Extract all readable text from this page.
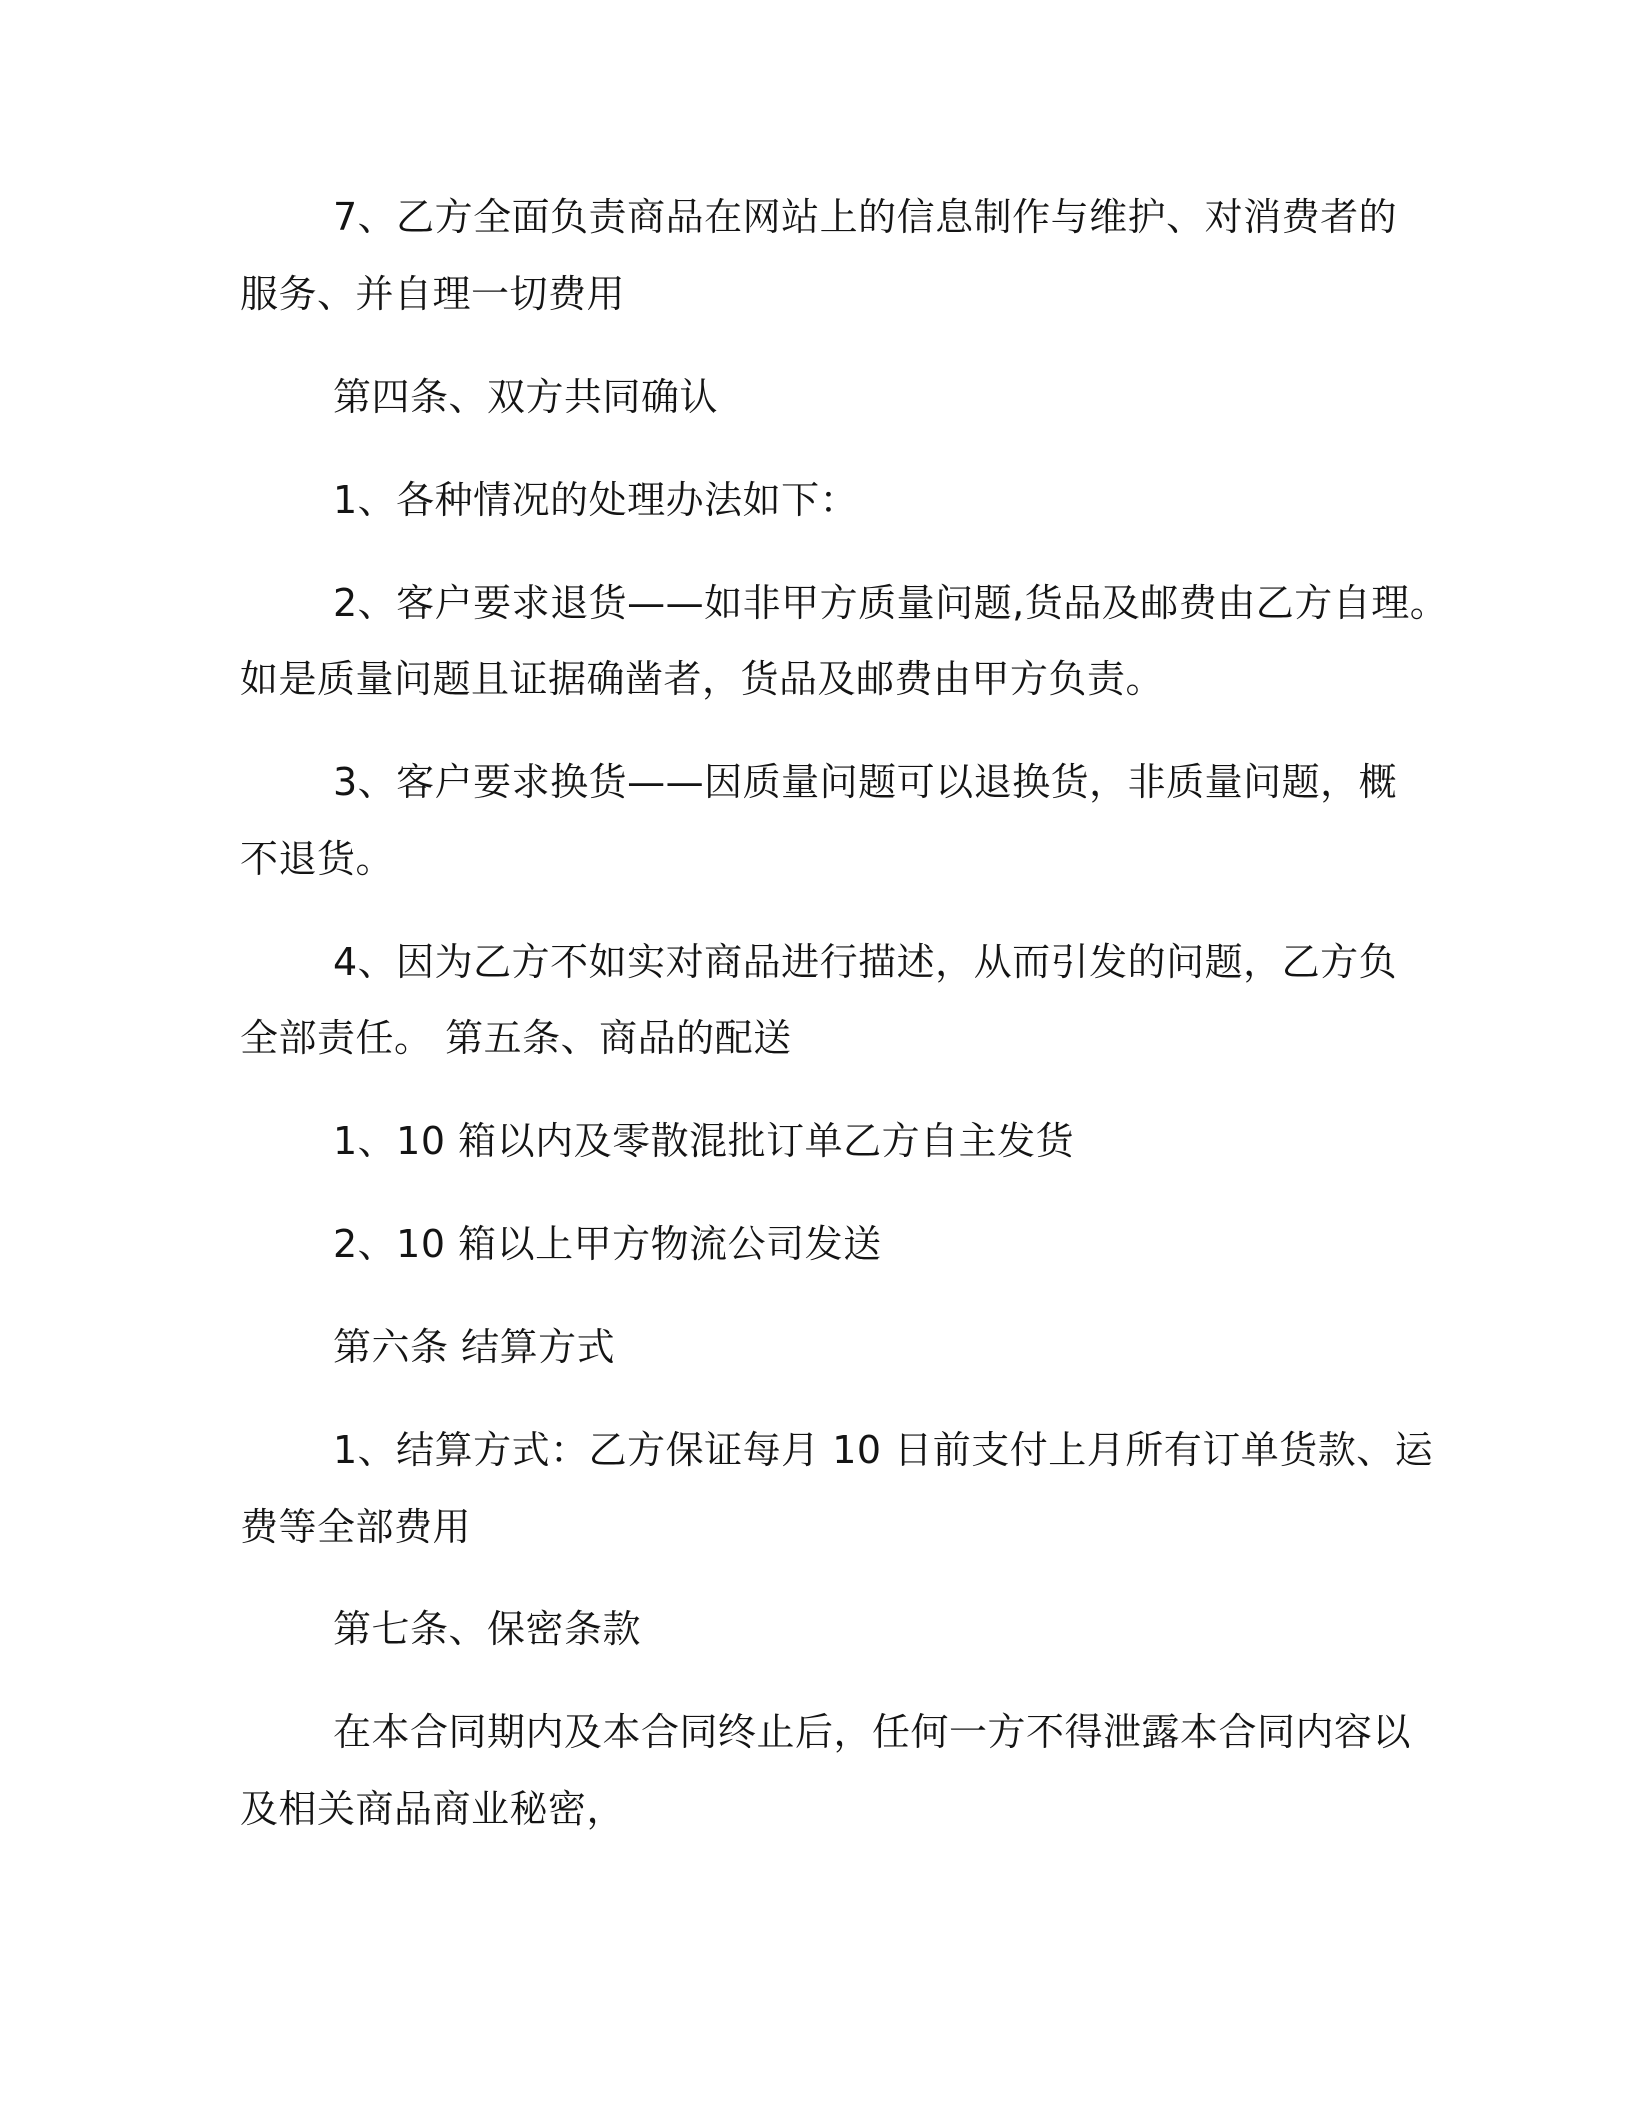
7、乙方全面负责商品在网站上的信息制作与维护、对消费者的
服务、并自理一切费用
第四条、双方共同确认
1、各种情况的处理办法如下：
2、客户要求退货——如非甲方质量问题,货品及邮费由乙方自理。
如是质量问题且证据确凿者，货品及邮费由甲方负责。
3、客户要求换货——因质量问题可以退换货，非质量问题，概
不退货。
4、因为乙方不如实对商品进行描述，从而引发的问题，乙方负
全部责任。 第五条、商品的配送
1、10 箱以内及零散混批订单乙方自主发货
2、10 箱以上甲方物流公司发送
第六条 结算方式
1、结算方式：乙方保证每月 10 日前支付上月所有订单货款、运
费等全部费用
第七条、保密条款
在本合同期内及本合同终止后，任何一方不得泄露本合同内容以
及相关商品商业秘密，
